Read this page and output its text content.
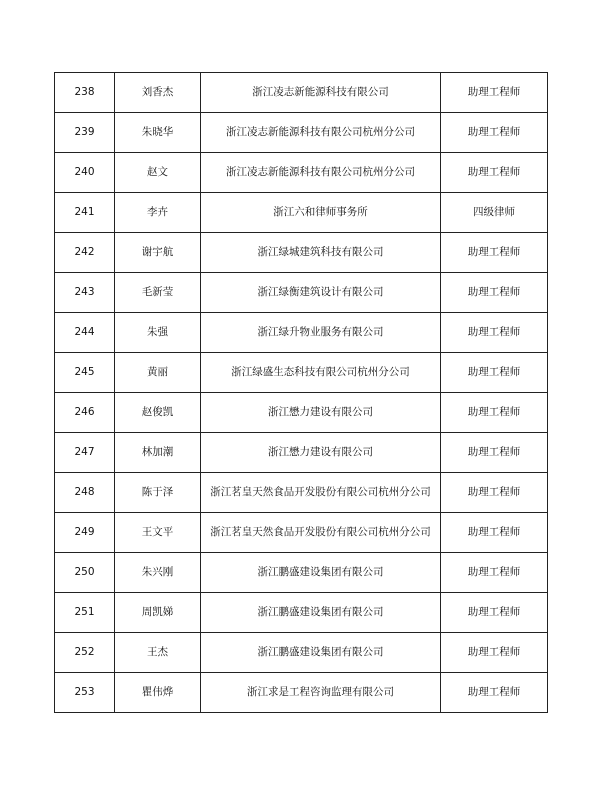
238	刘香杰	浙江凌志新能源科技有限公司	助理工程师
239	朱晓华	浙江凌志新能源科技有限公司杭州分公司	助理工程师
240	赵文	浙江凌志新能源科技有限公司杭州分公司	助理工程师
241	李卉	浙江六和律师事务所	四级律师
242	谢宇航	浙江绿城建筑科技有限公司	助理工程师
243	毛新莹	浙江绿衡建筑设计有限公司	助理工程师
244	朱强	浙江绿升物业服务有限公司	助理工程师
245	黄丽	浙江绿盛生态科技有限公司杭州分公司	助理工程师
246	赵俊凯	浙江懋力建设有限公司	助理工程师
247	林加潮	浙江懋力建设有限公司	助理工程师
248	陈于泽	浙江茗皇天然食品开发股份有限公司杭州分公司	助理工程师
249	王文平	浙江茗皇天然食品开发股份有限公司杭州分公司	助理工程师
250	朱兴刚	浙江鹏盛建设集团有限公司	助理工程师
251	周凯娣	浙江鹏盛建设集团有限公司	助理工程师
252	王杰	浙江鹏盛建设集团有限公司	助理工程师
253	瞿伟烨	浙江求是工程咨询监理有限公司	助理工程师
